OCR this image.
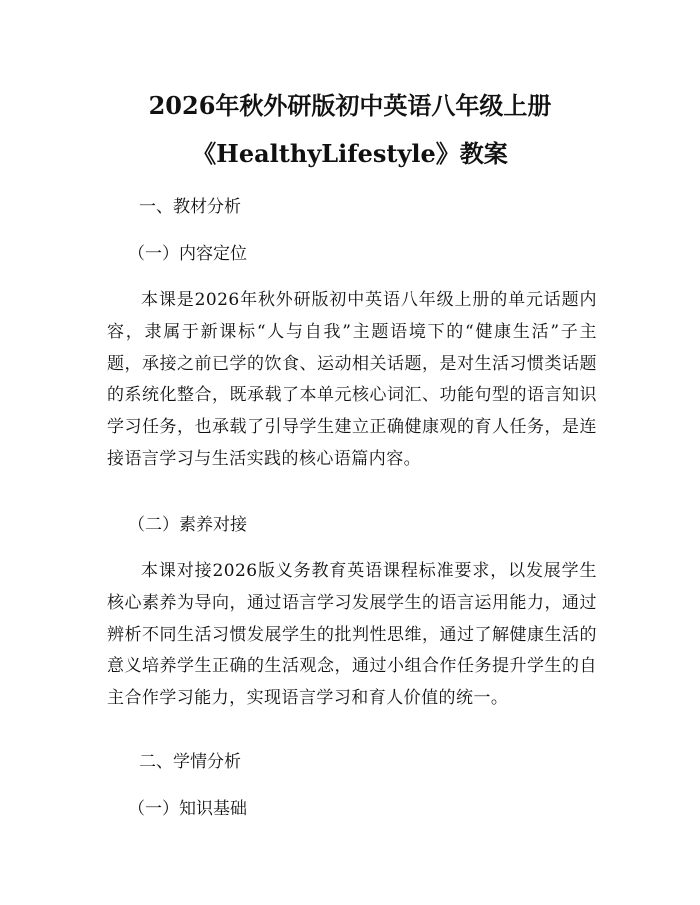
2026年秋外研版初中英语八年级上册
《HealthyLifestyle》教案
一、教材分析
（一）内容定位
本课是2026年秋外研版初中英语八年级上册的单元话题内容，隶属于新课标“人与自我”主题语境下的“健康生活”子主题，承接之前已学的饮食、运动相关话题，是对生活习惯类话题的系统化整合，既承载了本单元核心词汇、功能句型的语言知识学习任务，也承载了引导学生建立正确健康观的育人任务，是连接语言学习与生活实践的核心语篇内容。
（二）素养对接
本课对接2026版义务教育英语课程标准要求，以发展学生核心素养为导向，通过语言学习发展学生的语言运用能力，通过辨析不同生活习惯发展学生的批判性思维，通过了解健康生活的意义培养学生正确的生活观念，通过小组合作任务提升学生的自主合作学习能力，实现语言学习和育人价值的统一。
二、学情分析
（一）知识基础
